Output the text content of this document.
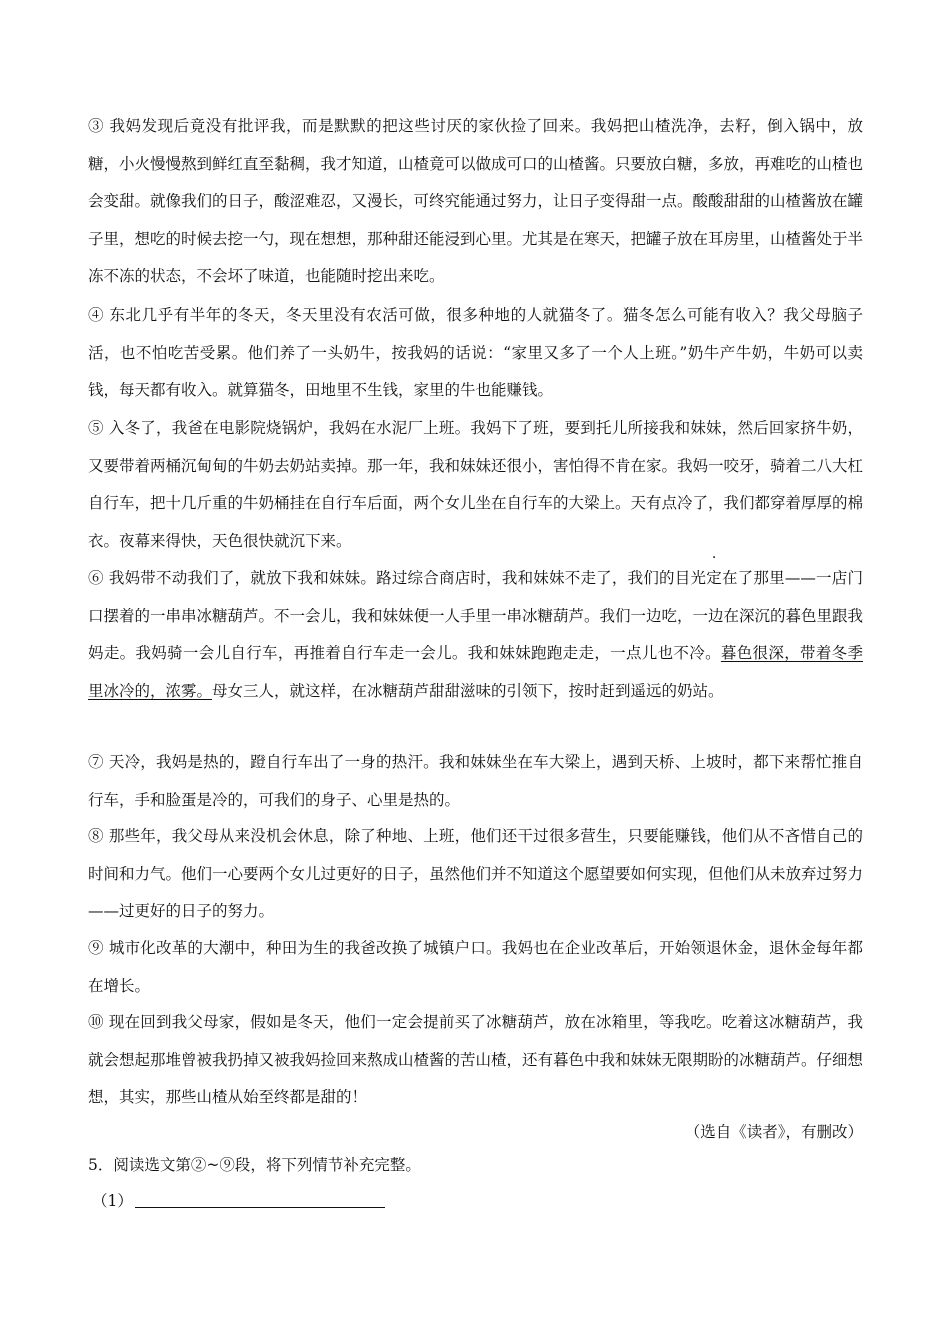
③ 我妈发现后竟没有批评我，而是默默的把这些讨厌的家伙捡了回来。我妈把山楂洗净，去籽，倒入锅中，放糖，小火慢慢熬到鲜红直至黏稠，我才知道，山楂竟可以做成可口的山楂酱。只要放白糖，多放，再难吃的山楂也会变甜。就像我们的日子，酸涩难忍，又漫长，可终究能通过努力，让日子变得甜一点。酸酸甜甜的山楂酱放在罐子里，想吃的时候去挖一勺，现在想想，那种甜还能浸到心里。尤其是在寒天，把罐子放在耳房里，山楂酱处于半冻不冻的状态，不会坏了味道，也能随时挖出来吃。

④ 东北几乎有半年的冬天，冬天里没有农活可做，很多种地的人就猫冬了。猫冬怎么可能有收入？我父母脑子活，也不怕吃苦受累。他们养了一头奶牛，按我妈的话说：“家里又多了一个人上班。”奶牛产牛奶，牛奶可以卖钱，每天都有收入。就算猫冬，田地里不生钱，家里的牛也能赚钱。

⑤ 入冬了，我爸在电影院烧锅炉，我妈在水泥厂上班。我妈下了班，要到托儿所接我和妹妹，然后回家挤牛奶，又要带着两桶沉甸甸的牛奶去奶站卖掉。那一年，我和妹妹还很小，害怕得不肯在家。我妈一咬牙，骑着二八大杠自行车，把十几斤重的牛奶桶挂在自行车后面，两个女儿坐在自行车的大梁上。天有点冷了，我们都穿着厚厚的棉衣。夜幕来得快，天色很快就沉下来。

⑥ 我妈带不动我们了，就放下我和妹妹。路过综合商店时，我和妹妹不走了，我们的目光定在了那里——一店门口摆着的一串串冰糖葫芦。不一会儿，我和妹妹便一人手里一串冰糖葫芦。我们一边吃，一边在深沉的暮色里跟我妈走。我妈骑一会儿自行车，再推着自行车走一会儿。我和妹妹跑跑走走，一点儿也不冷。暮色很深，带着冬季里冰冷的，浓雾。母女三人，就这样，在冰糖葫芦甜甜滋味的引领下，按时赶到遥远的奶站。

⑦ 天冷，我妈是热的，蹬自行车出了一身的热汗。我和妹妹坐在车大梁上，遇到天桥、上坡时，都下来帮忙推自行车，手和脸蛋是冷的，可我们的身子、心里是热的。

⑧ 那些年，我父母从来没机会休息，除了种地、上班，他们还干过很多营生，只要能赚钱，他们从不吝惜自己的时间和力气。他们一心要两个女儿过更好的日子，虽然他们并不知道这个愿望要如何实现，但他们从未放弃过努力——过更好的日子的努力。

⑨ 城市化改革的大潮中，种田为生的我爸改换了城镇户口。我妈也在企业改革后，开始领退休金，退休金每年都在增长。

⑩ 现在回到我父母家，假如是冬天，他们一定会提前买了冰糖葫芦，放在冰箱里，等我吃。吃着这冰糖葫芦，我就会想起那堆曾被我扔掉又被我妈捡回来熬成山楂酱的苦山楂，还有暮色中我和妹妹无限期盼的冰糖葫芦。仔细想想，其实，那些山楂从始至终都是甜的！

（选自《读者》，有删改）

5．阅读选文第②~⑨段，将下列情节补充完整。

（1）
